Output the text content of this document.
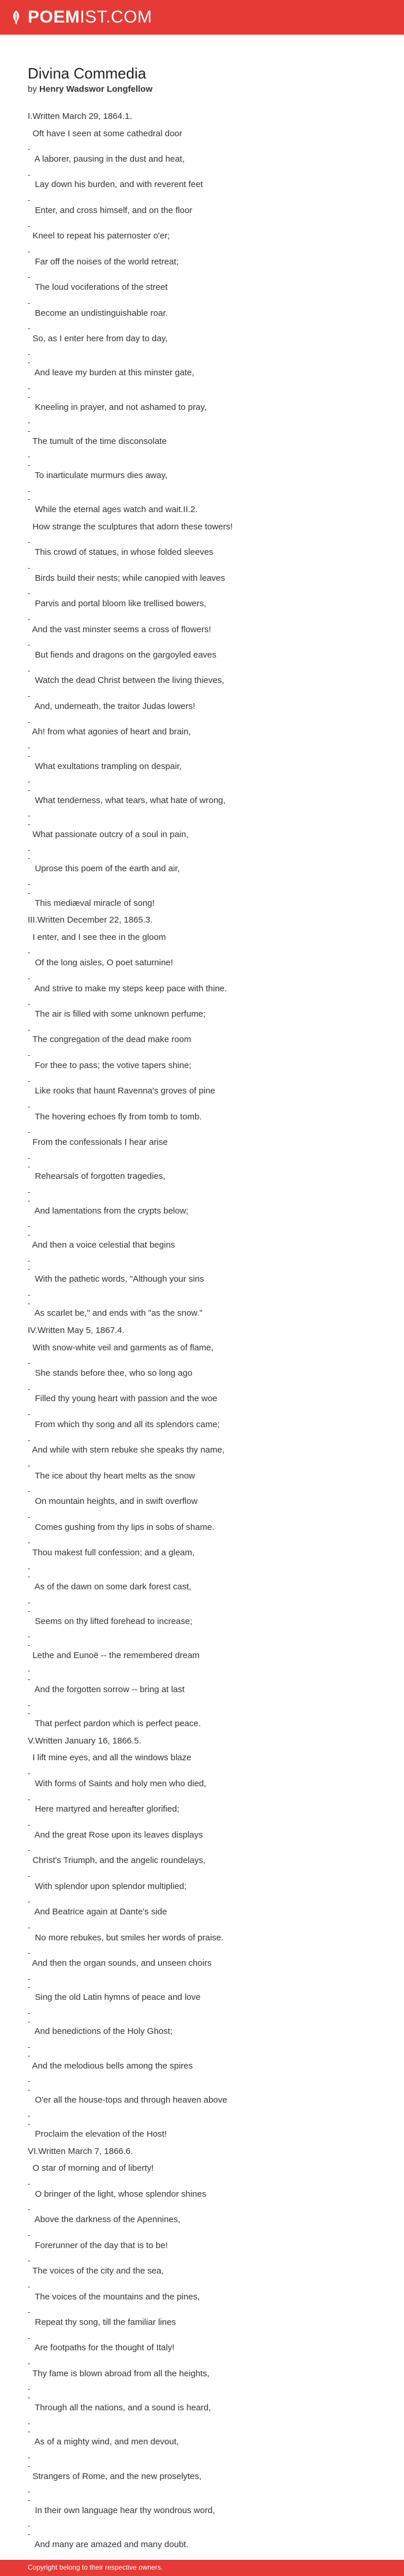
POEMIST.COM
Divina Commedia
by Henry Wadswor Longfellow
I.Written March 29, 1864.1.
Oft have I seen at some cathedral door
-
A laborer, pausing in the dust and heat,
-
Lay down his burden, and with reverent feet
-
Enter, and cross himself, and on the floor
-
Kneel to repeat his paternoster o'er;
-
Far off the noises of the world retreat;
-
The loud vociferations of the street
-
Become an undistinguishable roar.
-
So, as I enter here from day to day,
-
-
And leave my burden at this minster gate,
-
-
Kneeling in prayer, and not ashamed to pray,
-
-
The tumult of the time disconsolate
-
-
To inarticulate murmurs dies away,
-
-
While the eternal ages watch and wait.II.2.
How strange the sculptures that adorn these towers!
-
This crowd of statues, in whose folded sleeves
-
Birds build their nests; while canopied with leaves
-
Parvis and portal bloom like trellised bowers,
-
And the vast minster seems a cross of flowers!
-
But fiends and dragons on the gargoyled eaves
-
Watch the dead Christ between the living thieves,
-
And, underneath, the traitor Judas lowers!
-
Ah! from what agonies of heart and brain,
-
-
What exultations trampling on despair,
-
-
What tenderness, what tears, what hate of wrong,
-
-
What passionate outcry of a soul in pain,
-
-
Uprose this poem of the earth and air,
-
-
This mediæval miracle of song!
III.Written December 22, 1865.3.
I enter, and I see thee in the gloom
-
Of the long aisles, O poet saturnine!
-
And strive to make my steps keep pace with thine.
-
The air is filled with some unknown perfume;
-
The congregation of the dead make room
-
For thee to pass; the votive tapers shine;
-
Like rooks that haunt Ravenna's groves of pine
-
The hovering echoes fly from tomb to tomb.
-
From the confessionals I hear arise
-
-
Rehearsals of forgotten tragedies,
-
-
And lamentations from the crypts below;
-
-
And then a voice celestial that begins
-
-
With the pathetic words, "Although your sins
-
-
As scarlet be," and ends with "as the snow."
IV.Written May 5, 1867.4.
With snow-white veil and garments as of flame,
-
She stands before thee, who so long ago
-
Filled thy young heart with passion and the woe
-
From which thy song and all its splendors came;
-
And while with stern rebuke she speaks thy name,
-
The ice about thy heart melts as the snow
-
On mountain heights, and in swift overflow
-
Comes gushing from thy lips in sobs of shame.
-
Thou makest full confession; and a gleam,
-
-
As of the dawn on some dark forest cast,
-
-
Seems on thy lifted forehead to increase;
-
-
Lethe and Eunoë -- the remembered dream
-
-
And the forgotten sorrow -- bring at last
-
-
That perfect pardon which is perfect peace.
V.Written January 16, 1866.5.
I lift mine eyes, and all the windows blaze
-
With forms of Saints and holy men who died,
-
Here martyred and hereafter glorified;
-
And the great Rose upon its leaves displays
-
Christ's Triumph, and the angelic roundelays,
-
With splendor upon splendor multiplied;
-
And Beatrice again at Dante's side
-
No more rebukes, but smiles her words of praise.
-
And then the organ sounds, and unseen choirs
-
-
Sing the old Latin hymns of peace and love
-
-
And benedictions of the Holy Ghost;
-
-
And the melodious bells among the spires
-
-
O'er all the house-tops and through heaven above
-
-
Proclaim the elevation of the Host!
VI.Written March 7, 1866.6.
O star of morning and of liberty!
-
O bringer of the light, whose splendor shines
-
Above the darkness of the Apennines,
-
Forerunner of the day that is to be!
-
The voices of the city and the sea,
-
The voices of the mountains and the pines,
-
Repeat thy song, till the familiar lines
-
Are footpaths for the thought of Italy!
-
Thy fame is blown abroad from all the heights,
-
-
Through all the nations, and a sound is heard,
-
-
As of a mighty wind, and men devout,
-
-
Strangers of Rome, and the new proselytes,
-
-
In their own language hear thy wondrous word,
-
-
And many are amazed and many doubt.
Copyright belong to their respective owners.
